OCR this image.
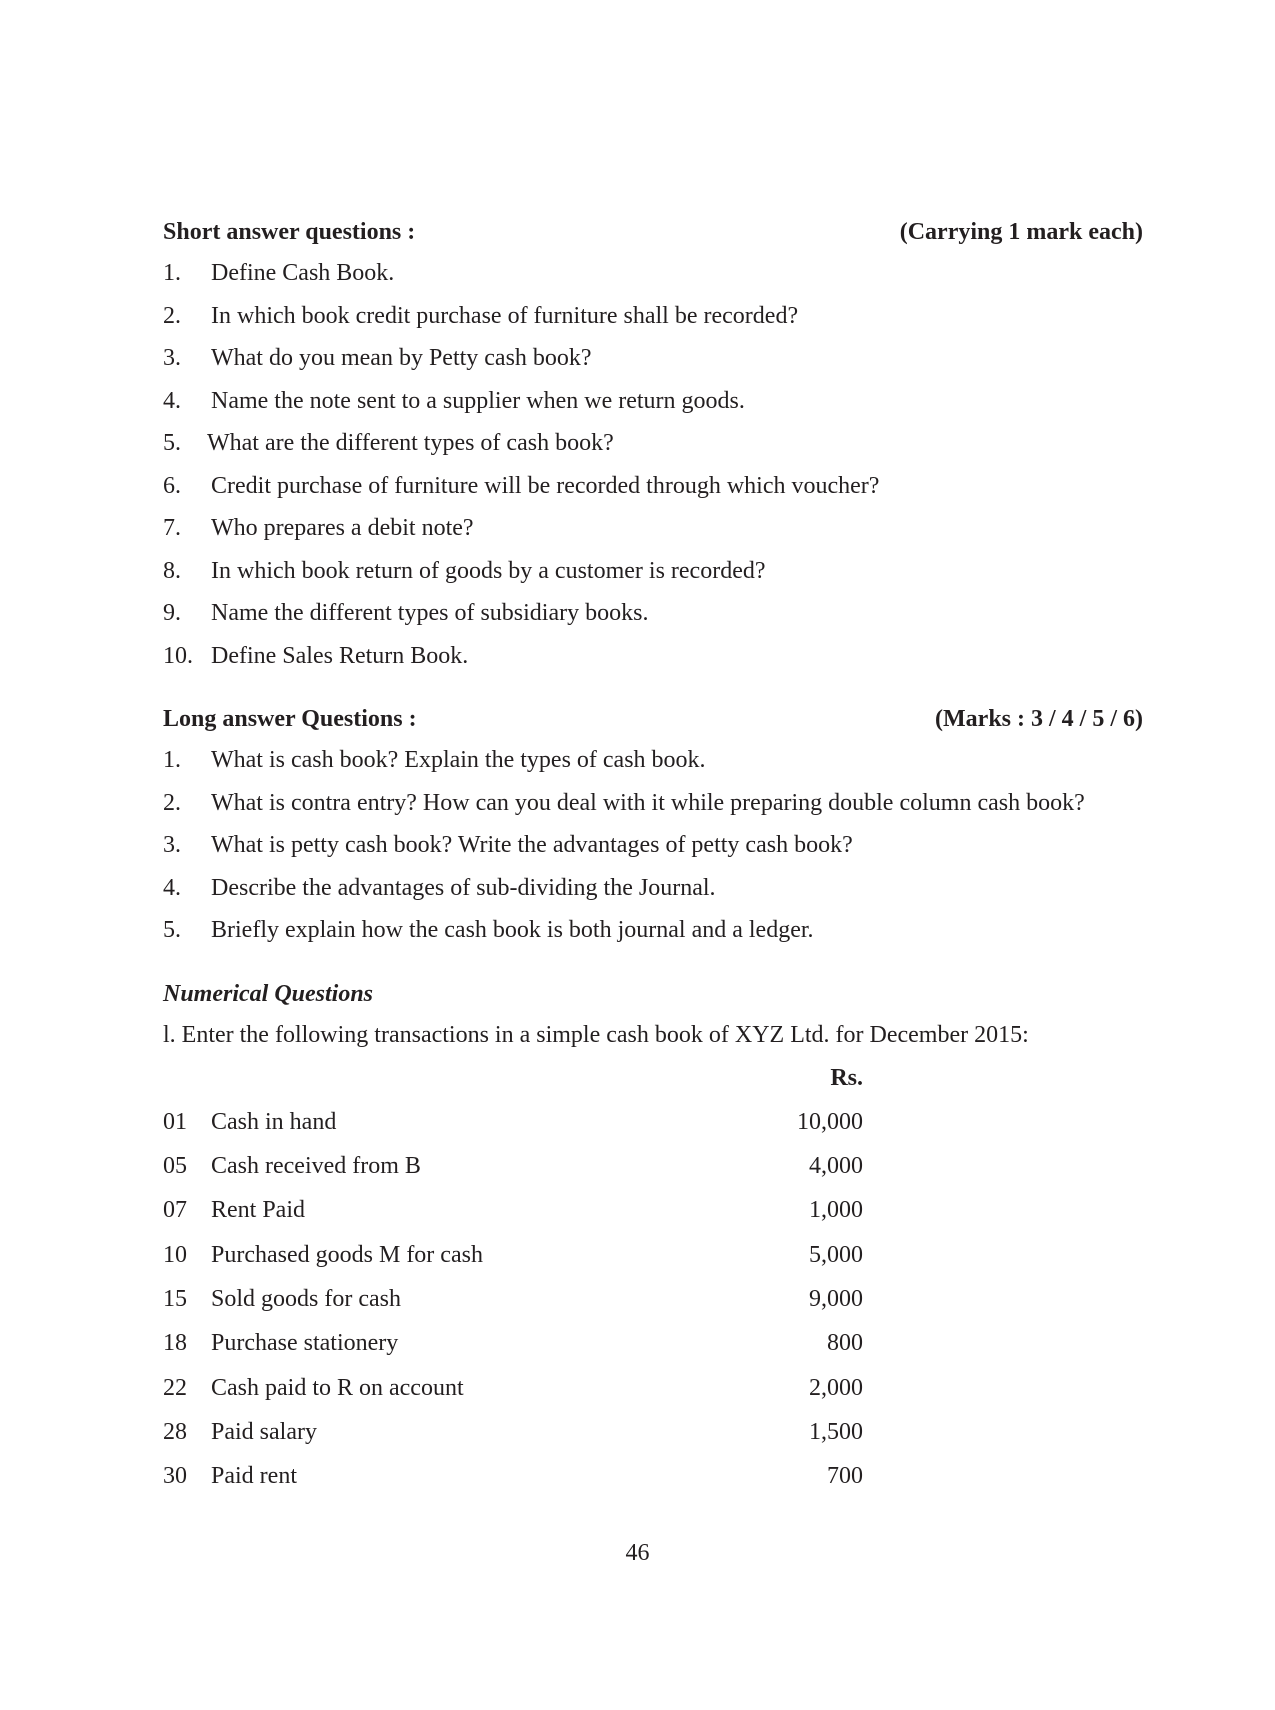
Short answer questions :	(Carrying 1 mark each)
1.	Define Cash Book.
2.	In which book credit purchase of furniture shall be recorded?
3.	What do you mean by Petty cash book?
4.	Name the note sent to a supplier when we return goods.
5.	What are the different types of cash book?
6.	Credit purchase of furniture will be recorded through which voucher?
7.	Who prepares a debit note?
8.	In which book return of goods by a customer is recorded?
9.	Name the different types of subsidiary books.
10. Define Sales Return Book.
Long answer Questions :	(Marks : 3 / 4 / 5 / 6)
1.	What is cash book? Explain the types of cash book.
2.	What is contra entry? How can you deal with it while preparing double column cash book?
3.	What is petty cash book? Write the advantages of petty cash book?
4.	Describe the advantages of sub-dividing the Journal.
5.	Briefly explain how the cash book is both journal and a ledger.
Numerical Questions
l. Enter the following transactions in a simple cash book of XYZ Ltd. for December 2015:
		Rs.
01	Cash in hand	10,000
05	Cash received from B	4,000
07	Rent Paid	1,000
10	Purchased goods M for cash	5,000
15	Sold goods for cash	9,000
18	Purchase stationery	800
22	Cash paid to R on account	2,000
28	Paid salary	1,500
30	Paid rent	700
46
